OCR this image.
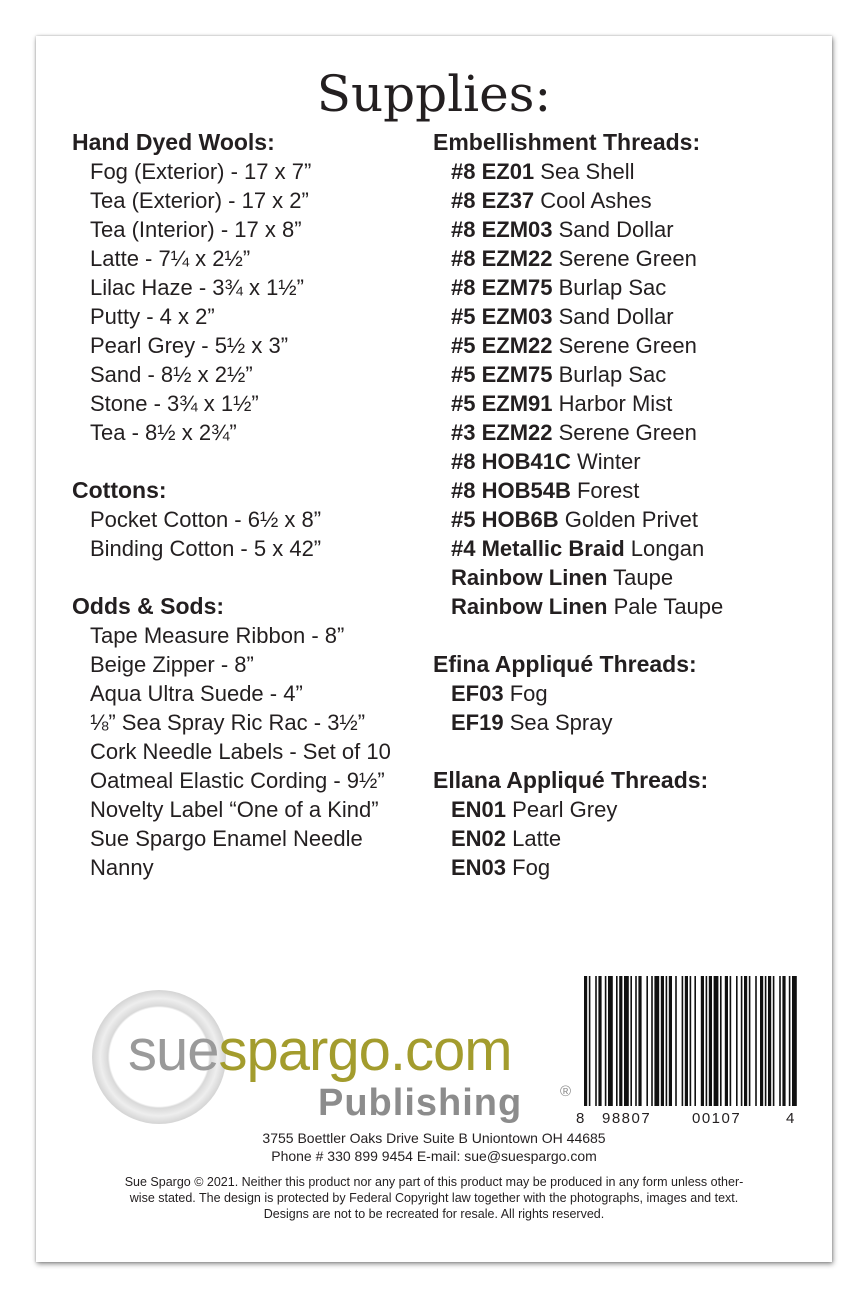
Supplies:
Hand Dyed Wools:
Fog (Exterior) - 17 x 7”
Tea (Exterior) - 17 x 2”
Tea (Interior) - 17 x 8”
Latte - 7¼ x 2½”
Lilac Haze - 3¾ x 1½”
Putty - 4 x 2”
Pearl Grey - 5½ x 3”
Sand - 8½ x 2½”
Stone - 3¾ x 1½”
Tea - 8½ x 2¾”
Cottons:
Pocket Cotton - 6½ x 8”
Binding Cotton - 5 x 42”
Odds & Sods:
Tape Measure Ribbon - 8”
Beige Zipper - 8”
Aqua Ultra Suede - 4”
⅛” Sea Spray Ric Rac - 3½”
Cork Needle Labels - Set of 10
Oatmeal Elastic Cording - 9½”
Novelty Label “One of a Kind”
Sue Spargo Enamel Needle
Nanny
Embellishment Threads:
#8 EZ01 Sea Shell
#8 EZ37 Cool Ashes
#8 EZM03 Sand Dollar
#8 EZM22 Serene Green
#8 EZM75 Burlap Sac
#5 EZM03 Sand Dollar
#5 EZM22 Serene Green
#5 EZM75 Burlap Sac
#5 EZM91 Harbor Mist
#3 EZM22 Serene Green
#8 HOB41C Winter
#8 HOB54B Forest
#5 HOB6B Golden Privet
#4 Metallic Braid Longan
Rainbow Linen Taupe
Rainbow Linen Pale Taupe
Efina Appliqué Threads:
EF03 Fog
EF19 Sea Spray
Ellana Appliqué Threads:
EN01 Pearl Grey
EN02 Latte
EN03 Fog
suespargo.com
Publishing	®
8 98807	00107	4
3755 Boettler Oaks Drive Suite B Uniontown OH 44685
Phone # 330 899 9454 E-mail: sue@suespargo.com
Sue Spargo © 2021. Neither this product nor any part of this product may be produced in any form unless other-
wise stated. The design is protected by Federal Copyright law together with the photographs, images and text.
Designs are not to be recreated for resale. All rights reserved.
